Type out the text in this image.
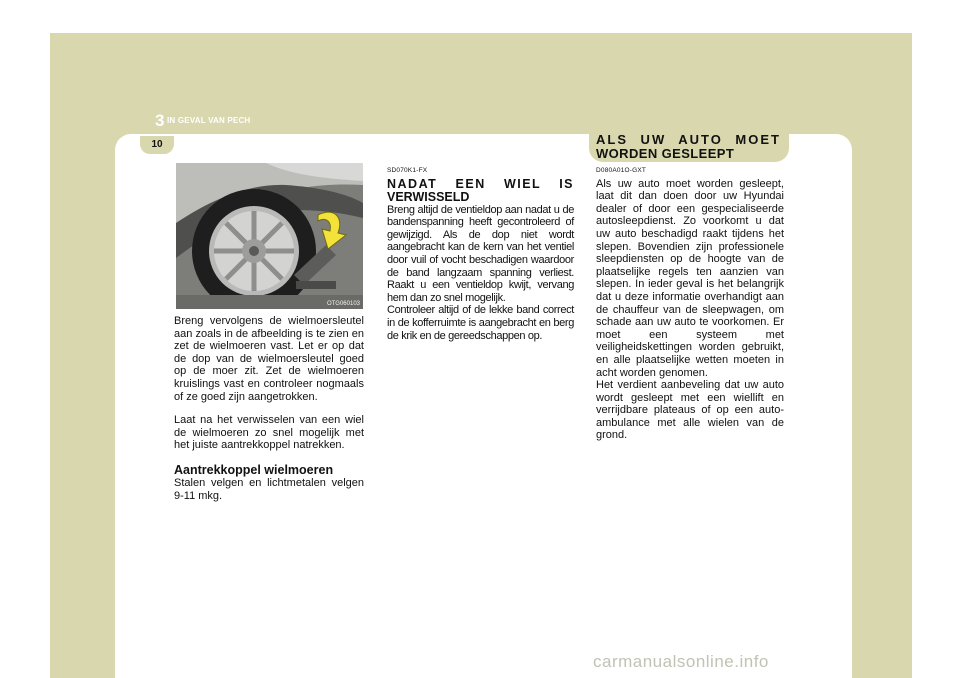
3 IN GEVAL VAN PECH
10	ALS UW AUTO MOET
WORDEN GESLEEPT
OTG060103

Breng vervolgens de wielmoersleutel aan zoals in de afbeelding is te zien en zet de wielmoeren vast. Let er op dat de dop van de wielmoersleutel goed op de moer zit. Zet de wielmoeren kruislings vast en controleer nogmaals of ze goed zijn aangetrokken.

Laat na het verwisselen van een wiel de wielmoeren zo snel mogelijk met het juiste aantrekkoppel natrekken.

Aantrekkoppel wielmoeren

Stalen velgen en lichtmetalen velgen 9-11 mkg.

SD070K1-FX

NADAT EEN WIEL IS
VERWISSELD

Breng altijd de ventieldop aan nadat u de bandenspanning heeft gecontroleerd of gewijzigd. Als de dop niet wordt aangebracht kan de kern van het ventiel door vuil of vocht beschadigen waardoor de band langzaam spanning verliest. Raakt u een ventieldop kwijt, vervang hem dan zo snel mogelijk.

Controleer altijd of de lekke band correct in de kofferruimte is aangebracht en berg de krik en de gereedschappen op.

D080A01O-GXT

Als uw auto moet worden gesleept, laat dit dan doen door uw Hyundai dealer of door een gespecialiseerde autosleepdienst. Zo voorkomt u dat uw auto beschadigd raakt tijdens het slepen. Bovendien zijn professionele sleepdiensten op de hoogte van de plaatselijke regels ten aanzien van slepen. In ieder geval is het belangrijk dat u deze informatie overhandigt aan de chauffeur van de sleepwagen, om schade aan uw auto te voorkomen. Er moet een systeem met veiligheidskettingen worden gebruikt, en alle plaatselijke wetten moeten in acht worden genomen.

Het verdient aanbeveling dat uw auto wordt gesleept met een wiellift en verrijdbare plateaus of op een auto-ambulance met alle wielen van de grond.

carmanualsonline.info
